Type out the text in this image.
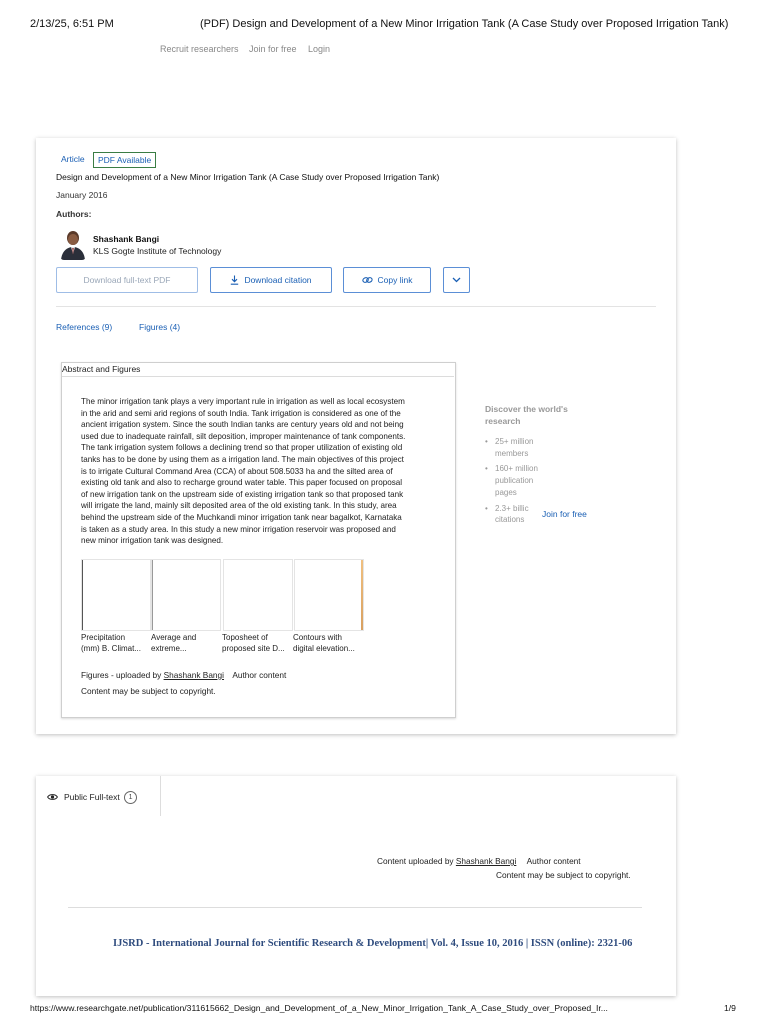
2/13/25, 6:51 PM	(PDF) Design and Development of a New Minor Irrigation Tank (A Case Study over Proposed Irrigation Tank)
Recruit researchers Join for free Login
Article	PDF Available
Design and Development of a New Minor Irrigation Tank (A Case Study over Proposed Irrigation Tank)
January 2016
Authors:
Shashank Bangi
KLS Gogte Institute of Technology
Download full-text PDF	Download citation	Copy link
References (9)	Figures (4)
Abstract and Figures
The minor irrigation tank plays a very important rule in irrigation as well as local ecosystem
in the arid and semi arid regions of south India. Tank irrigation is considered as one of the
ancient irrigation system. Since the south Indian tanks are century years old and not being
used due to inadequate rainfall, silt deposition, improper maintenance of tank components.
The tank irrigation system follows a declining trend so that proper utilization of existing old
tanks has to be done by using them as a irrigation land. The main objectives of this project
is to irrigate Cultural Command Area (CCA) of about 508.5033 ha and the silted area of
existing old tank and also to recharge ground water table. This paper focused on proposal
of new irrigation tank on the upstream side of existing irrigation tank so that proposed tank
will irrigate the land, mainly silt deposited area of the old existing tank. In this study, area
behind the upstream side of the Muchkandi minor irrigation tank near bagalkot, Karnataka
is taken as a study area. In this study a new minor irrigation reservoir was proposed and
new minor irrigation tank was designed.
Precipitation
(mm) B. Climat...
Average and
extreme...
Toposheet of
proposed site D...
Contours with
digital elevation...
Figures - uploaded by Shashank Bangi Author content
Content may be subject to copyright.
Discover the world's research
• 25+ million
members
• 160+ million
publication
pages
• 2.3+ billic
citations
Join for free
Public Full-text 1
Content uploaded by Shashank Bangi Author content
Content may be subject to copyright.
IJSRD - International Journal for Scientific Research & Development| Vol. 4, Issue 10, 2016 | ISSN (online): 2321-06
https://www.researchgate.net/publication/311615662_Design_and_Development_of_a_New_Minor_Irrigation_Tank_A_Case_Study_over_Proposed_Ir...	1/9
